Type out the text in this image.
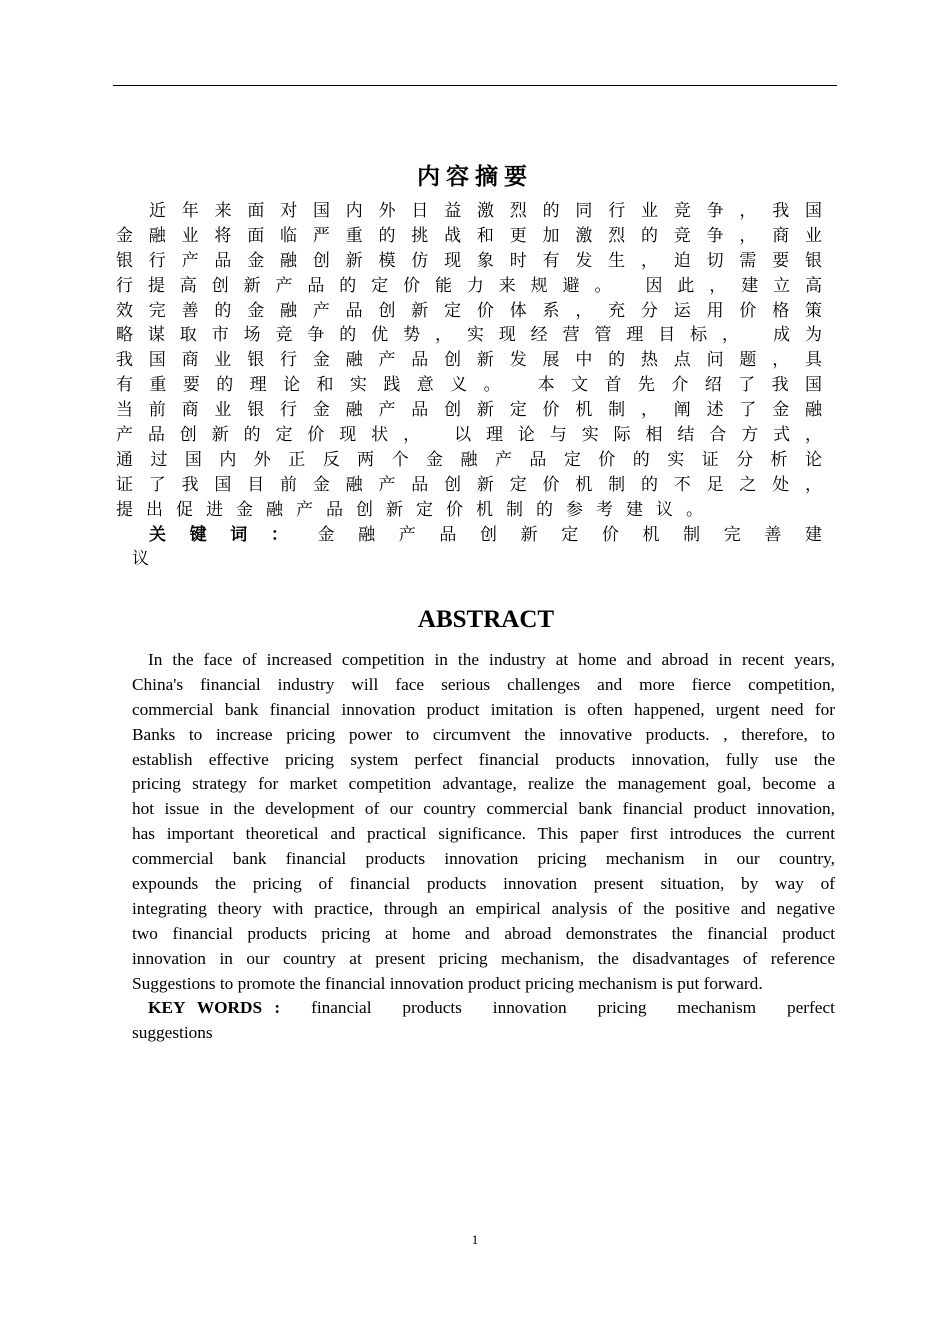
内容摘要
近年来面对国内外日益激烈的同行业竞争，我国
金融业将面临严重的挑战和更加激烈的竞争，商业
银行产品金融创新模仿现象时有发生，迫切需要银
行提高创新产品的定价能力来规避。 因此，建立高
效完善的金融产品创新定价体系，充分运用价格策
略谋取市场竞争的优势，实现经营管理目标， 成为
我国商业银行金融产品创新发展中的热点问题，具
有重要的理论和实践意义。 本文首先介绍了我国
当前商业银行金融产品创新定价机制，阐述了金融
产品创新的定价现状， 以理论与实际相结合方式，
通过国内外正反两个金融产品定价的实证分析论
证了我国目前金融产品创新定价机制的不足之处，
提出促进金融产品创新定价机制的参考建议。
关键词： 金融产品创新定价机制完善建
议
ABSTRACT
In the face of increased competition in the industry at home and abroad in recent years,
China's financial industry will face serious challenges and more fierce competition,
commercial bank financial innovation product imitation is often happened, urgent need for
Banks to increase pricing power to circumvent the innovative products. , therefore, to
establish effective pricing system perfect financial products innovation, fully use the
pricing strategy for market competition advantage, realize the management goal, become a
hot issue in the development of our country commercial bank financial product innovation,
has important theoretical and practical significance. This paper first introduces the current
commercial bank financial products innovation pricing mechanism in our country,
expounds the pricing of financial products innovation present situation, by way of
integrating theory with practice, through an empirical analysis of the positive and negative
two financial products pricing at home and abroad demonstrates the financial product
innovation in our country at present pricing mechanism, the disadvantages of reference
Suggestions to promote the financial innovation product pricing mechanism is put forward.
KEY WORDS : financial products innovation pricing mechanism perfect
suggestions
1
